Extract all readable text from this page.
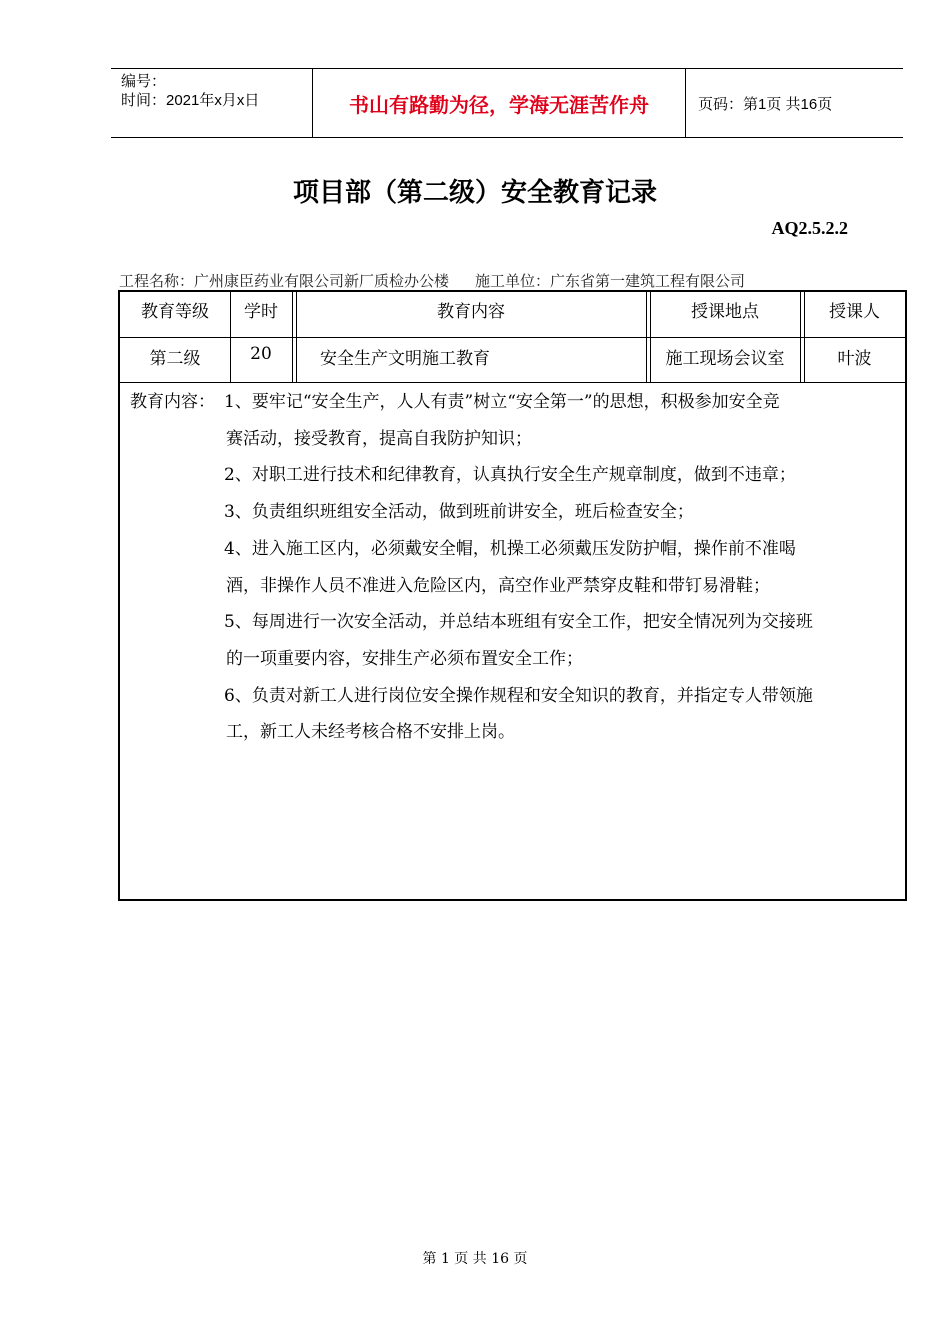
编号：
时间：2021年x月x日	书山有路勤为径，学海无涯苦作舟	页码：第1页 共16页
项目部（第二级）安全教育记录
AQ2.5.2.2
工程名称：广州康臣药业有限公司新厂质检办公楼 施工单位：广东省第一建筑工程有限公司
教育等级	学时	教育内容	授课地点	授课人
第二级	20	安全生产文明施工教育	施工现场会议室	叶波
教育内容： 1、要牢记“安全生产，人人有责”树立“安全第一”的思想，积极参加安全竞
赛活动，接受教育，提高自我防护知识；
2、对职工进行技术和纪律教育，认真执行安全生产规章制度，做到不违章；
3、负责组织班组安全活动，做到班前讲安全，班后检查安全；
4、进入施工区内，必须戴安全帽，机操工必须戴压发防护帽，操作前不准喝
酒，非操作人员不准进入危险区内，高空作业严禁穿皮鞋和带钉易滑鞋；
5、每周进行一次安全活动，并总结本班组有安全工作，把安全情况列为交接班
的一项重要内容，安排生产必须布置安全工作；
6、负责对新工人进行岗位安全操作规程和安全知识的教育，并指定专人带领施
工，新工人未经考核合格不安排上岗。
第 1 页 共 16 页
